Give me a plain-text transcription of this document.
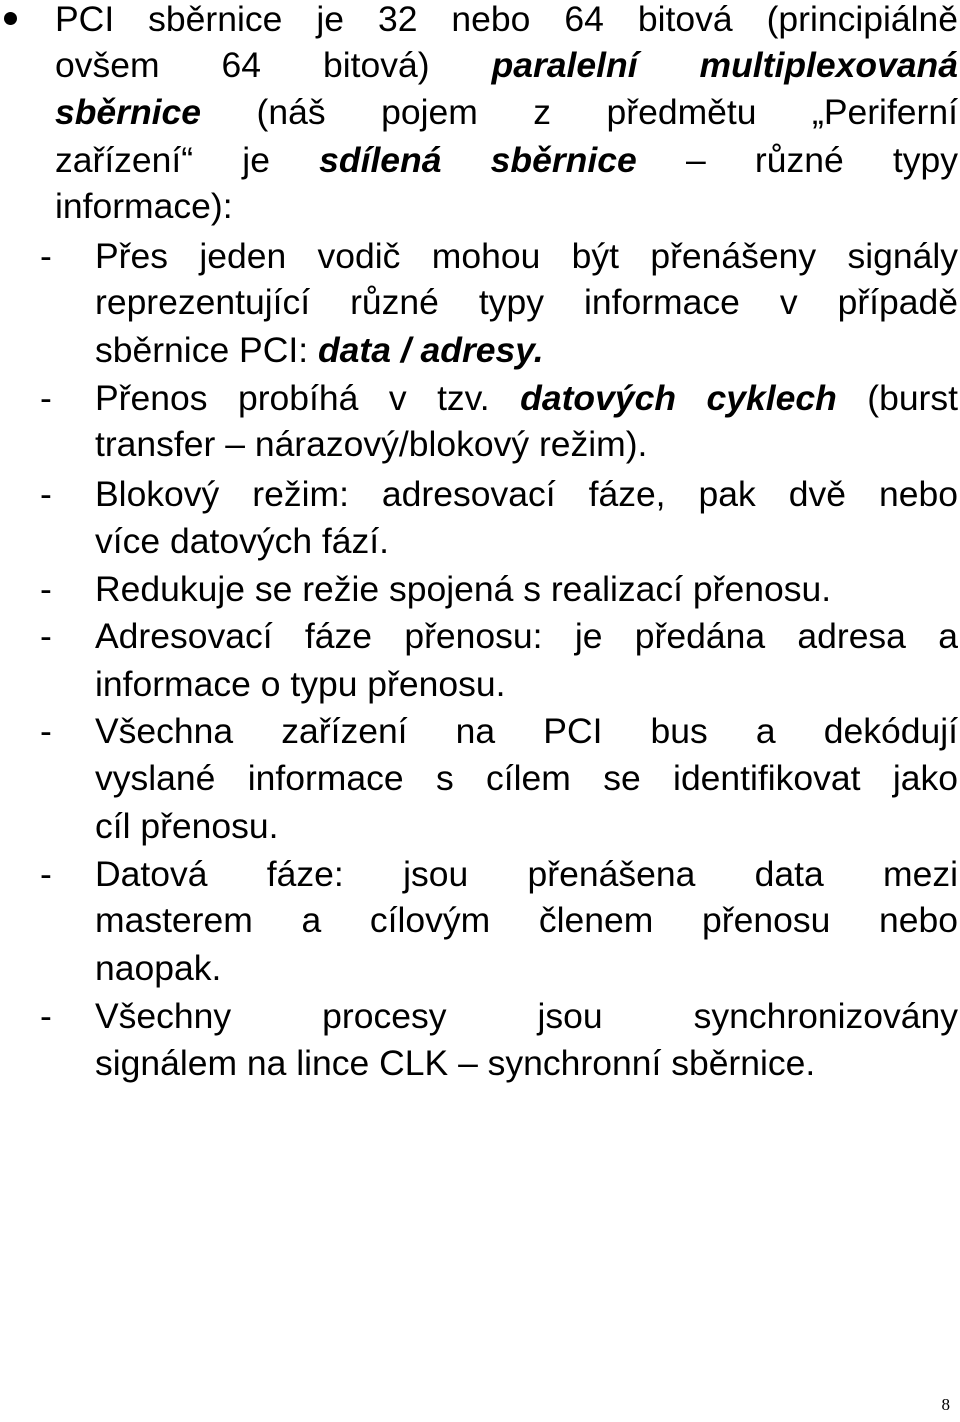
PCI sběrnice je 32 nebo 64 bitová (principiálně
ovšem 64 bitová) paralelní multiplexovaná
sběrnice (náš pojem z předmětu „Periferní
zařízení“ je sdílená sběrnice – různé typy
informace):
- Přes jeden vodič mohou být přenášeny signály
reprezentující různé typy informace v případě
sběrnice PCI: data / adresy.
- Přenos probíhá v tzv. datových cyklech (burst
transfer – nárazový/blokový režim).
- Blokový režim: adresovací fáze, pak dvě nebo
více datových fází.
- Redukuje se režie spojená s realizací přenosu.
- Adresovací fáze přenosu: je předána adresa a
informace o typu přenosu.
- Všechna zařízení na PCI bus a dekódují
vyslané informace s cílem se identifikovat jako
cíl přenosu.
- Datová fáze: jsou přenášena data mezi
masterem a cílovým členem přenosu nebo
naopak.
- Všechny procesy jsou synchronizovány
signálem na lince CLK – synchronní sběrnice.
8
